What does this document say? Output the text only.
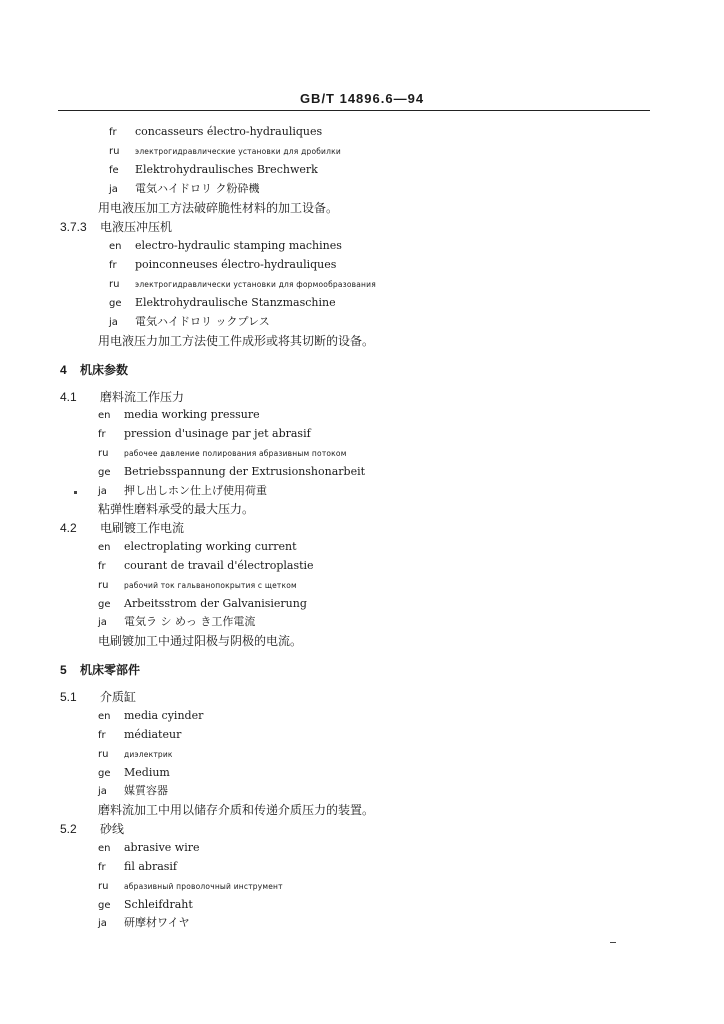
GB/T 14896.6—94
fr concasseurs électro-hydrauliques
ru электрогидравлические установки для дробилки
fe Elektrohydraulisches Brechwerk
ja 電気ハイドロリ ク粉砕機
用电液压加工方法破碎脆性材料的加工设备。
3.7.3 电液压冲压机
en electro-hydraulic stamping machines
fr poinconneuses électro-hydrauliques
ru электрогидравлически установки для формообразования
ge Elektrohydraulische Stanzmaschine
ja 電気ハイドロリ ックプレス
用电液压力加工方法使工件成形或将其切断的设备。
4 机床参数
4.1 磨料流工作压力
en media working pressure
fr pression d'usinage par jet abrasif
ru рабочее давление полирования абразивным потоком
ge Betriebsspannung der Extrusionshonarbeit
ja 押し出しホン仕上げ使用荷重
粘弹性磨料承受的最大压力。
4.2 电刷镀工作电流
en electroplating working current
fr courant de travail d'électroplastie
ru рабочий ток гальванопокрытия с щетком
ge Arbeitsstrom der Galvanisierung
ja 電気ラ シ めっ き工作電流
电刷镀加工中通过阳极与阴极的电流。
5 机床零部件
5.1 介质缸
en media cyinder
fr médiateur
ru диэлектрик
ge Medium
ja 媒質容器
磨料流加工中用以储存介质和传递介质压力的装置。
5.2 砂线
en abrasive wire
fr fil abrasif
ru абразивный проволочный инструмент
ge Schleifdraht
ja 研摩材ワイヤ
